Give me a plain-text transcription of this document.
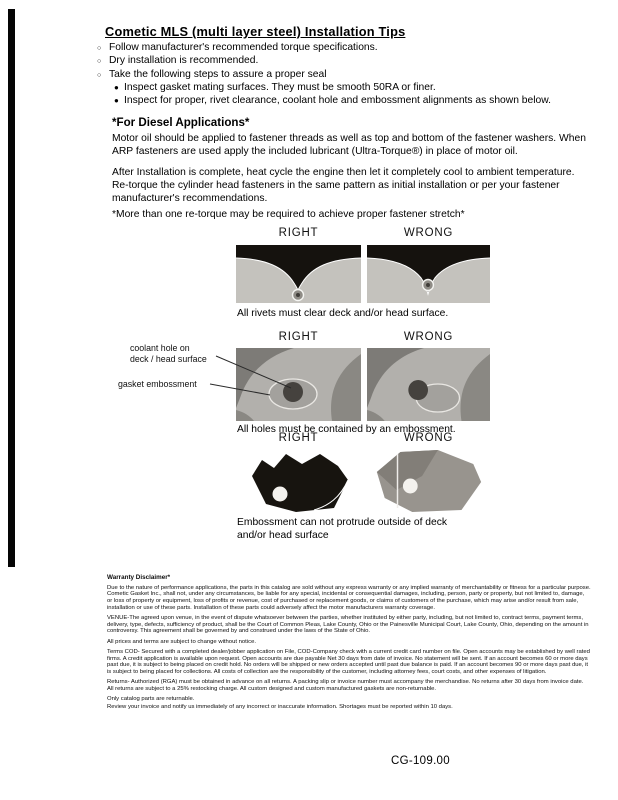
Cometic MLS (multi layer steel) Installation Tips
○ Follow manufacturer's recommended torque specifications.
○ Dry installation is recommended.
○ Take the following steps to assure a proper seal
● Inspect gasket mating surfaces. They must be smooth 50RA or finer.
● Inspect for proper, rivet clearance, coolant hole and embossment alignments as shown below.
*For Diesel Applications*

Motor oil should be applied to fastener threads as well as top and bottom of the fastener washers. When ARP fasteners are used apply the included lubricant (Ultra-Torque®) in place of motor oil.

After Installation is complete, heat cycle the engine then let it completely cool to ambient temperature. Re-torque the cylinder head fasteners in the same pattern as initial installation or per your fastener manufacturer's recommendations.

*More than one re-torque may be required to achieve proper fastener stretch*

RIGHT	WRONG
All rivets must clear deck and/or head surface.
RIGHT	WRONG
coolant hole on
deck / head surface
gasket embossment
All holes must be contained by an embossment.
RIGHT	WRONG
Embossment can not protrude outside of deck
and/or head surface
Warranty Disclaimer*

Due to the nature of performance applications, the parts in this catalog are sold without any express warranty or any implied warranty of merchantability or fitness for a particular purpose. Cometic Gasket Inc., shall not, under any circumstances, be liable for any special, incidental or consequential damages, including, person, party or property, but not limited to, damage, or loss of property or equipment, loss of profits or revenue, cost of purchased or replacement goods, or claims of customers of the purchase, which may arise and/or result from sale, installation or use of these parts. Installation of these parts could adversely affect the motor manufacturers warranty coverage.

VENUE-The agreed upon venue, in the event of dispute whatsoever between the parties, whether instituted by either party, including, but not limited to, contract terms, payment terms, delivery, type, defects, sufficiency of product, shall be the Court of Common Pleas, Lake County, Ohio or the Painesville Municipal Court, Lake County, Ohio, depending on the amount in controversy. This agreement shall be governed by and construed under the laws of the State of Ohio.

All prices and terms are subject to change without notice.

Terms COD- Secured with a completed dealer/jobber application on File, COD-Company check with a current credit card number on file. Open accounts may be established by well rated firms. A credit application is available upon request. Open accounts are due payable Net 30 days from date of invoice. No statement will be sent. If an account becomes 60 or more days past due, it is subject to being placed on credit hold. No orders will be shipped or new orders accepted until past due balance is paid. If an account becomes 90 or more days past due, it is subject to being placed for collections. All costs of collection are the responsibility of the customer, including attorney fees, court costs, and other expenses of litigation.

Returns- Authorized (RGA) must be obtained in advance on all returns. A packing slip or invoice number must accompany the merchandise. No returns after 30 days from invoice date. All returns are subject to a 25% restocking charge. All custom designed and custom manufactured gaskets are non-returnable.

Only catalog parts are returnable.

Review your invoice and notify us immediately of any incorrect or inaccurate information. Shortages must be reported within 10 days.

CG-109.00
